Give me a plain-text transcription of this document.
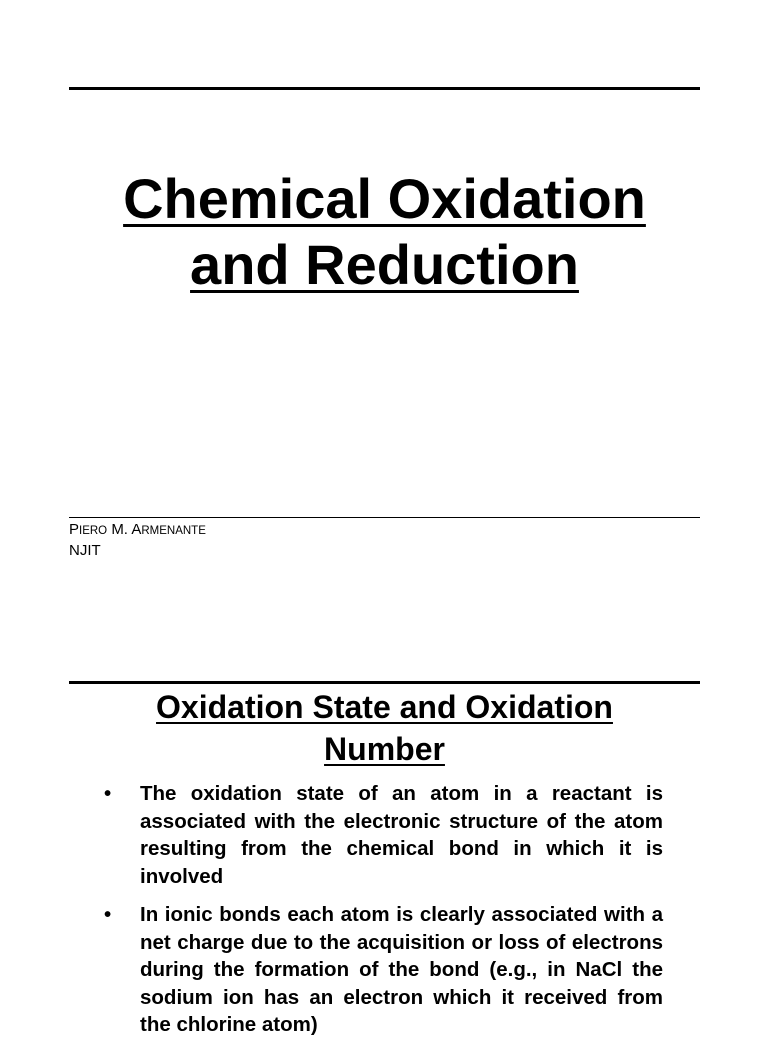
Chemical Oxidation
and Reduction
PIERO M. ARMENANTE
NJIT
Oxidation State and Oxidation
Number
• The oxidation state of an atom in a reactant is associated with the electronic structure of the atom resulting from the chemical bond in which it is involved
• In ionic bonds each atom is clearly associated with a net charge due to the acquisition or loss of electrons during the formation of the bond (e.g., in NaCl the sodium ion has an electron which it received from the chlorine atom)
